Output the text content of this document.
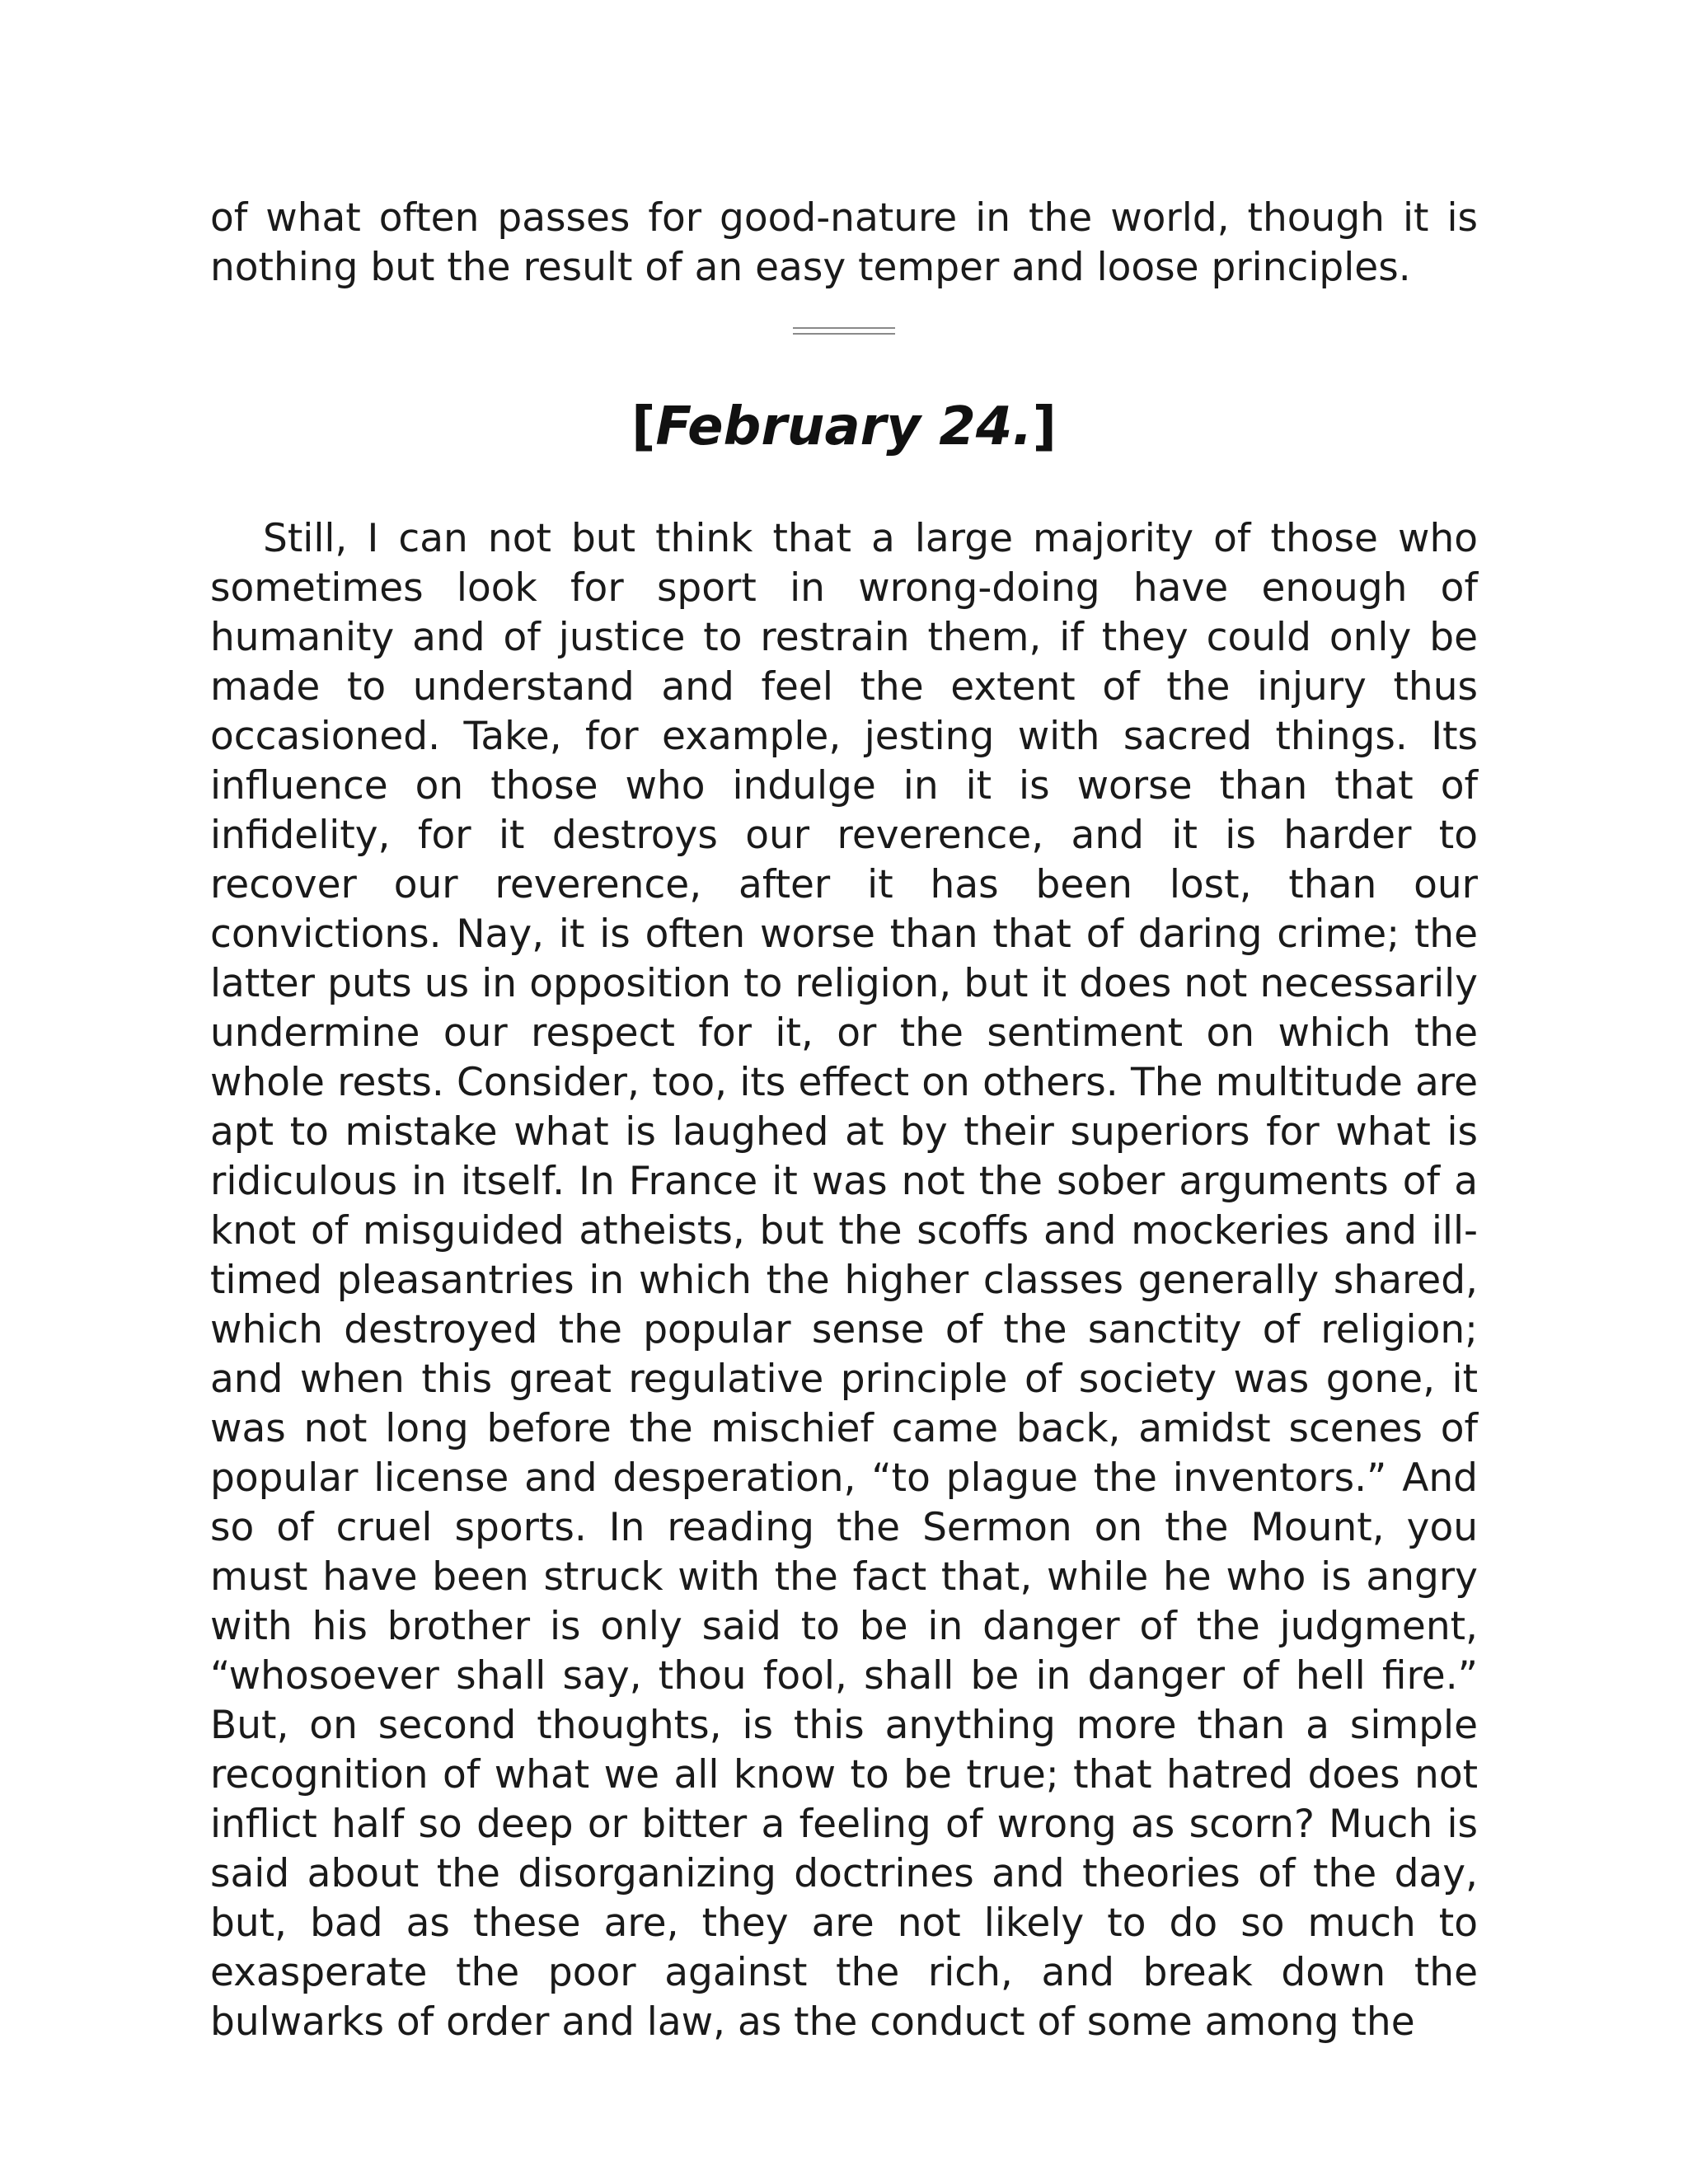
of what often passes for good-nature in the world, though it is nothing but the result of an easy temper and loose principles.

[February 24.]

Still, I can not but think that a large majority of those who sometimes look for sport in wrong-doing have enough of humanity and of justice to restrain them, if they could only be made to understand and feel the extent of the injury thus occasioned. Take, for example, jesting with sacred things. Its influence on those who indulge in it is worse than that of infidelity, for it destroys our reverence, and it is harder to recover our reverence, after it has been lost, than our convictions. Nay, it is often worse than that of daring crime; the latter puts us in opposition to religion, but it does not necessarily undermine our respect for it, or the sentiment on which the whole rests. Consider, too, its effect on others. The multitude are apt to mistake what is laughed at by their superiors for what is ridiculous in itself. In France it was not the sober arguments of a knot of misguided atheists, but the scoffs and mockeries and ill-timed pleasantries in which the higher classes generally shared, which destroyed the popular sense of the sanctity of religion; and when this great regulative principle of society was gone, it was not long before the mischief came back, amidst scenes of popular license and desperation, “to plague the inventors.” And so of cruel sports. In reading the Sermon on the Mount, you must have been struck with the fact that, while he who is angry with his brother is only said to be in danger of the judgment, “whosoever shall say, thou fool, shall be in danger of hell fire.” But, on second thoughts, is this anything more than a simple recognition of what we all know to be true; that hatred does not inflict half so deep or bitter a feeling of wrong as scorn? Much is said about the disorganizing doctrines and theories of the day, but, bad as these are, they are not likely to do so much to exasperate the poor against the rich, and break down the bulwarks of order and law, as the conduct of some among the
